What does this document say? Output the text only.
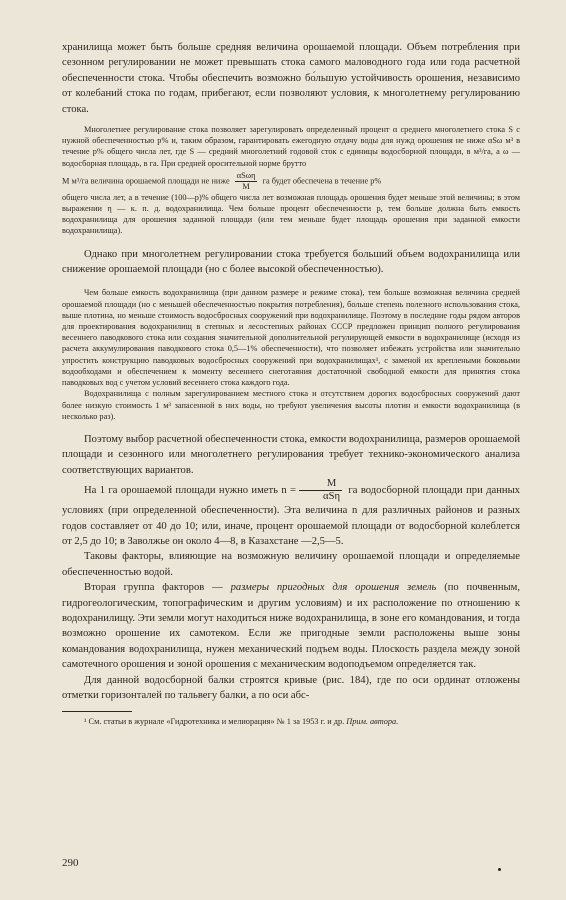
хранилища может быть больше средняя величина орошаемой площади. Объем потребления при сезонном регулировании не может превышать стока самого маловодного года или года расчетной обеспеченности стока. Чтобы обеспечить возможно бо́льшую устойчивость орошения, независимо от колебаний стока по годам, прибегают, если позволяют условия, к многолетнему регулированию стока.

Многолетнее регулирование стока позволяет зарегулировать определенный процент α среднего многолетнего стока S с нужной обеспеченностью p% и, таким образом, гарантировать ежегодную отдачу воды для нужд орошения не ниже αSω м³ в течение p% общего числа лет, где S — средний многолетний годовой сток с единицы водосборной площади, в м³/га, а ω — водосборная площадь, в га. При средней оросительной норме брутто

M м³/га величина орошаемой площади не ниже $\frac{\text{αSωη}}{M}$ га будет обеспечена в течение p%

общего числа лет, а в течение (100—p)% общего числа лет возможная площадь орошения будет меньше этой величины; в этом выражении η — к. п. д. водохранилища. Чем больше процент обеспеченности p, тем больше должна быть емкость водохранилища для орошения заданной площади (или тем меньше будет площадь орошения при заданной емкости водохранилища).

Однако при многолетнем регулировании стока требуется больший объем водохранилища или снижение орошаемой площади (но с более высокой обеспеченностью).

Чем больше емкость водохранилища (при данном размере и режиме стока), тем больше возможная величина средней орошаемой площади (но с меньшей обеспеченностью покрытия потребления), больше степень полезного использования стока, выше плотина, но меньше стоимость водосбросных сооружений при водохранилище. Поэтому в последние годы рядом авторов для проектирования водохранилищ в степных и лесостепных районах СССР предложен принцип полного регулирования весеннего паводкового стока или создания значительной дополнительной регулирующей емкости в водохранилище (исходя из расчета аккумулирования паводкового стока 0,5—1% обеспеченности), что позволяет избежать устройства или значительно упростить конструкцию паводковых водосбросных сооружений при водохранилищах¹, с заменой их креплеными боковыми водообходами и обеспечением к моменту весеннего снеготаяния достаточной свободной емкости для принятия стока паводковых вод с учетом условий весеннего стока каждого года.

Водохранилища с полным зарегулированием местного стока и отсутствием дорогих водосбросных сооружений дают более низкую стоимость 1 м³ запасенной в них воды, но требуют увеличения высоты плотин и емкости водохранилища (в несколько раз).

Поэтому выбор расчетной обеспеченности стока, емкости водохранилища, размеров орошаемой площади и сезонного или многолетнего регулирования требует технико-экономического анализа соответствующих вариантов.

На 1 га орошаемой площади нужно иметь $n = \frac{M}{\text{αSη}}$ га водосборной площади при данных условиях (при определенной обеспеченности). Эта величина n для различных районов и разных годов составляет от 40 до 10; или, иначе, процент орошаемой площади от водосборной колеблется от 2,5 до 10; в Заволжье он около 4—8, в Казахстане —2,5—5.

Таковы факторы, влияющие на возможную величину орошаемой площади и определяемые обеспеченностью водой.

Вторая группа факторов — размеры пригодных для орошения земель (по почвенным, гидрогеологическим, топографическим и другим условиям) и их расположение по отношению к водохранилищу. Эти земли могут находиться ниже водохранилища, в зоне его командования, и тогда возможно орошение их самотеком. Если же пригодные земли расположены выше зоны командования водохранилища, нужен механический подъем воды. Плоскость раздела между зоной самотечного орошения и зоной орошения с механическим водоподъемом определяется так.

Для данной водосборной балки строятся кривые (рис. 184), где по оси ординат отложены отметки горизонталей по тальвегу балки, а по оси абс-

¹ См. статьи в журнале «Гидротехника и мелиорация» № 1 за 1953 г. и др. Прим. автора.

290
